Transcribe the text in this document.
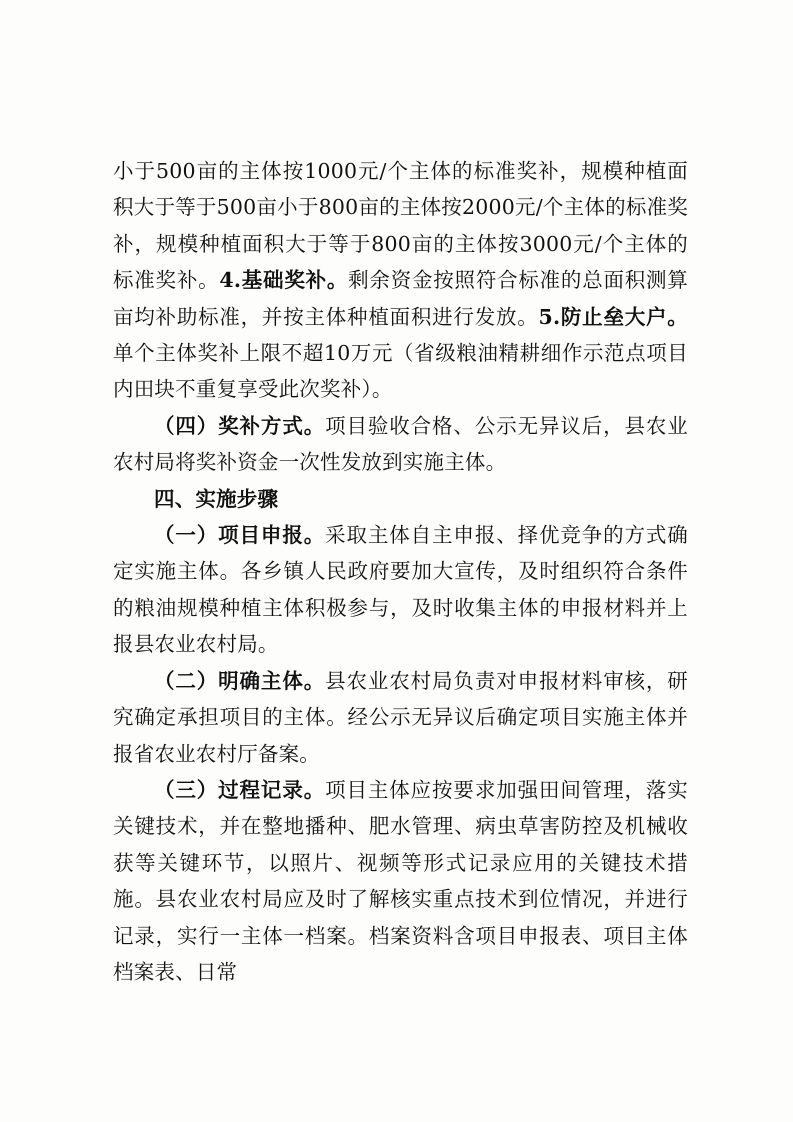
小于500亩的主体按1000元/个主体的标准奖补，规模种植面积大于等于500亩小于800亩的主体按2000元/个主体的标准奖补，规模种植面积大于等于800亩的主体按3000元/个主体的标准奖补。4.基础奖补。剩余资金按照符合标准的总面积测算亩均补助标准，并按主体种植面积进行发放。5.防止垒大户。单个主体奖补上限不超10万元（省级粮油精耕细作示范点项目内田块不重复享受此次奖补）。

（四）奖补方式。项目验收合格、公示无异议后，县农业农村局将奖补资金一次性发放到实施主体。

四、实施步骤

（一）项目申报。采取主体自主申报、择优竞争的方式确定实施主体。各乡镇人民政府要加大宣传，及时组织符合条件的粮油规模种植主体积极参与，及时收集主体的申报材料并上报县农业农村局。

（二）明确主体。县农业农村局负责对申报材料审核，研究确定承担项目的主体。经公示无异议后确定项目实施主体并报省农业农村厅备案。

（三）过程记录。项目主体应按要求加强田间管理，落实关键技术，并在整地播种、肥水管理、病虫草害防控及机械收获等关键环节，以照片、视频等形式记录应用的关键技术措施。县农业农村局应及时了解核实重点技术到位情况，并进行记录，实行一主体一档案。档案资料含项目申报表、项目主体档案表、日常
